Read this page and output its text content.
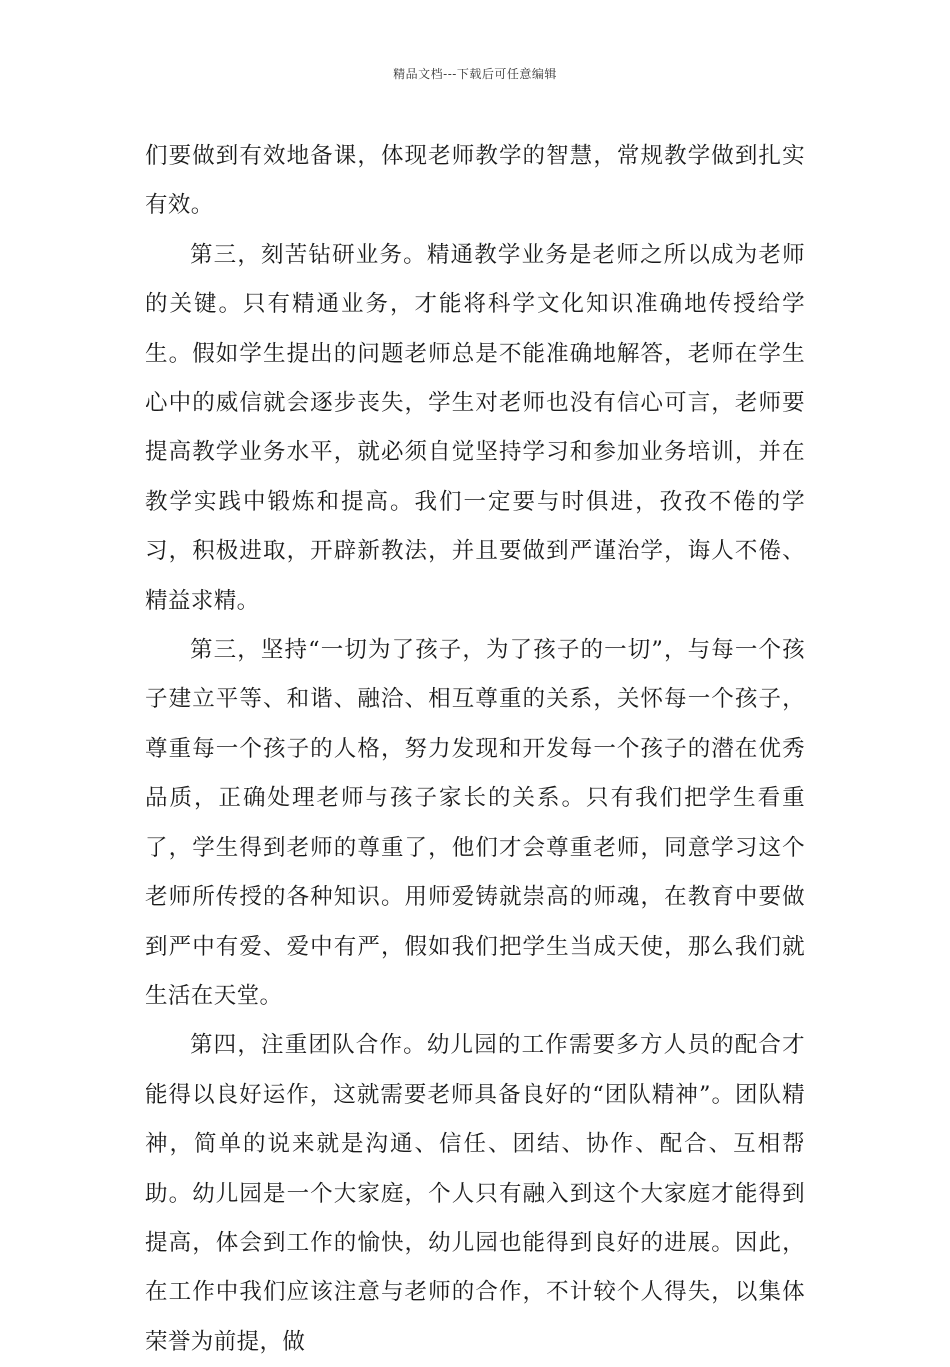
精品文档---下载后可任意编辑

们要做到有效地备课，体现老师教学的智慧，常规教学做到扎实有效。

第三，刻苦钻研业务。精通教学业务是老师之所以成为老师的关键。只有精通业务，才能将科学文化知识准确地传授给学生。假如学生提出的问题老师总是不能准确地解答，老师在学生心中的威信就会逐步丧失，学生对老师也没有信心可言，老师要提高教学业务水平，就必须自觉坚持学习和参加业务培训，并在教学实践中锻炼和提高。我们一定要与时俱进，孜孜不倦的学习，积极进取，开辟新教法，并且要做到严谨治学，诲人不倦、精益求精。

第三，坚持“一切为了孩子，为了孩子的一切”，与每一个孩子建立平等、和谐、融洽、相互尊重的关系，关怀每一个孩子，尊重每一个孩子的人格，努力发现和开发每一个孩子的潜在优秀品质，正确处理老师与孩子家长的关系。只有我们把学生看重了，学生得到老师的尊重了，他们才会尊重老师，同意学习这个老师所传授的各种知识。用师爱铸就崇高的师魂，在教育中要做到严中有爱、爱中有严，假如我们把学生当成天使，那么我们就生活在天堂。

第四，注重团队合作。幼儿园的工作需要多方人员的配合才能得以良好运作，这就需要老师具备良好的“团队精神”。团队精神，简单的说来就是沟通、信任、团结、协作、配合、互相帮助。幼儿园是一个大家庭，个人只有融入到这个大家庭才能得到提高，体会到工作的愉快，幼儿园也能得到良好的进展。因此，在工作中我们应该注意与老师的合作，不计较个人得失，以集体荣誉为前提，做
